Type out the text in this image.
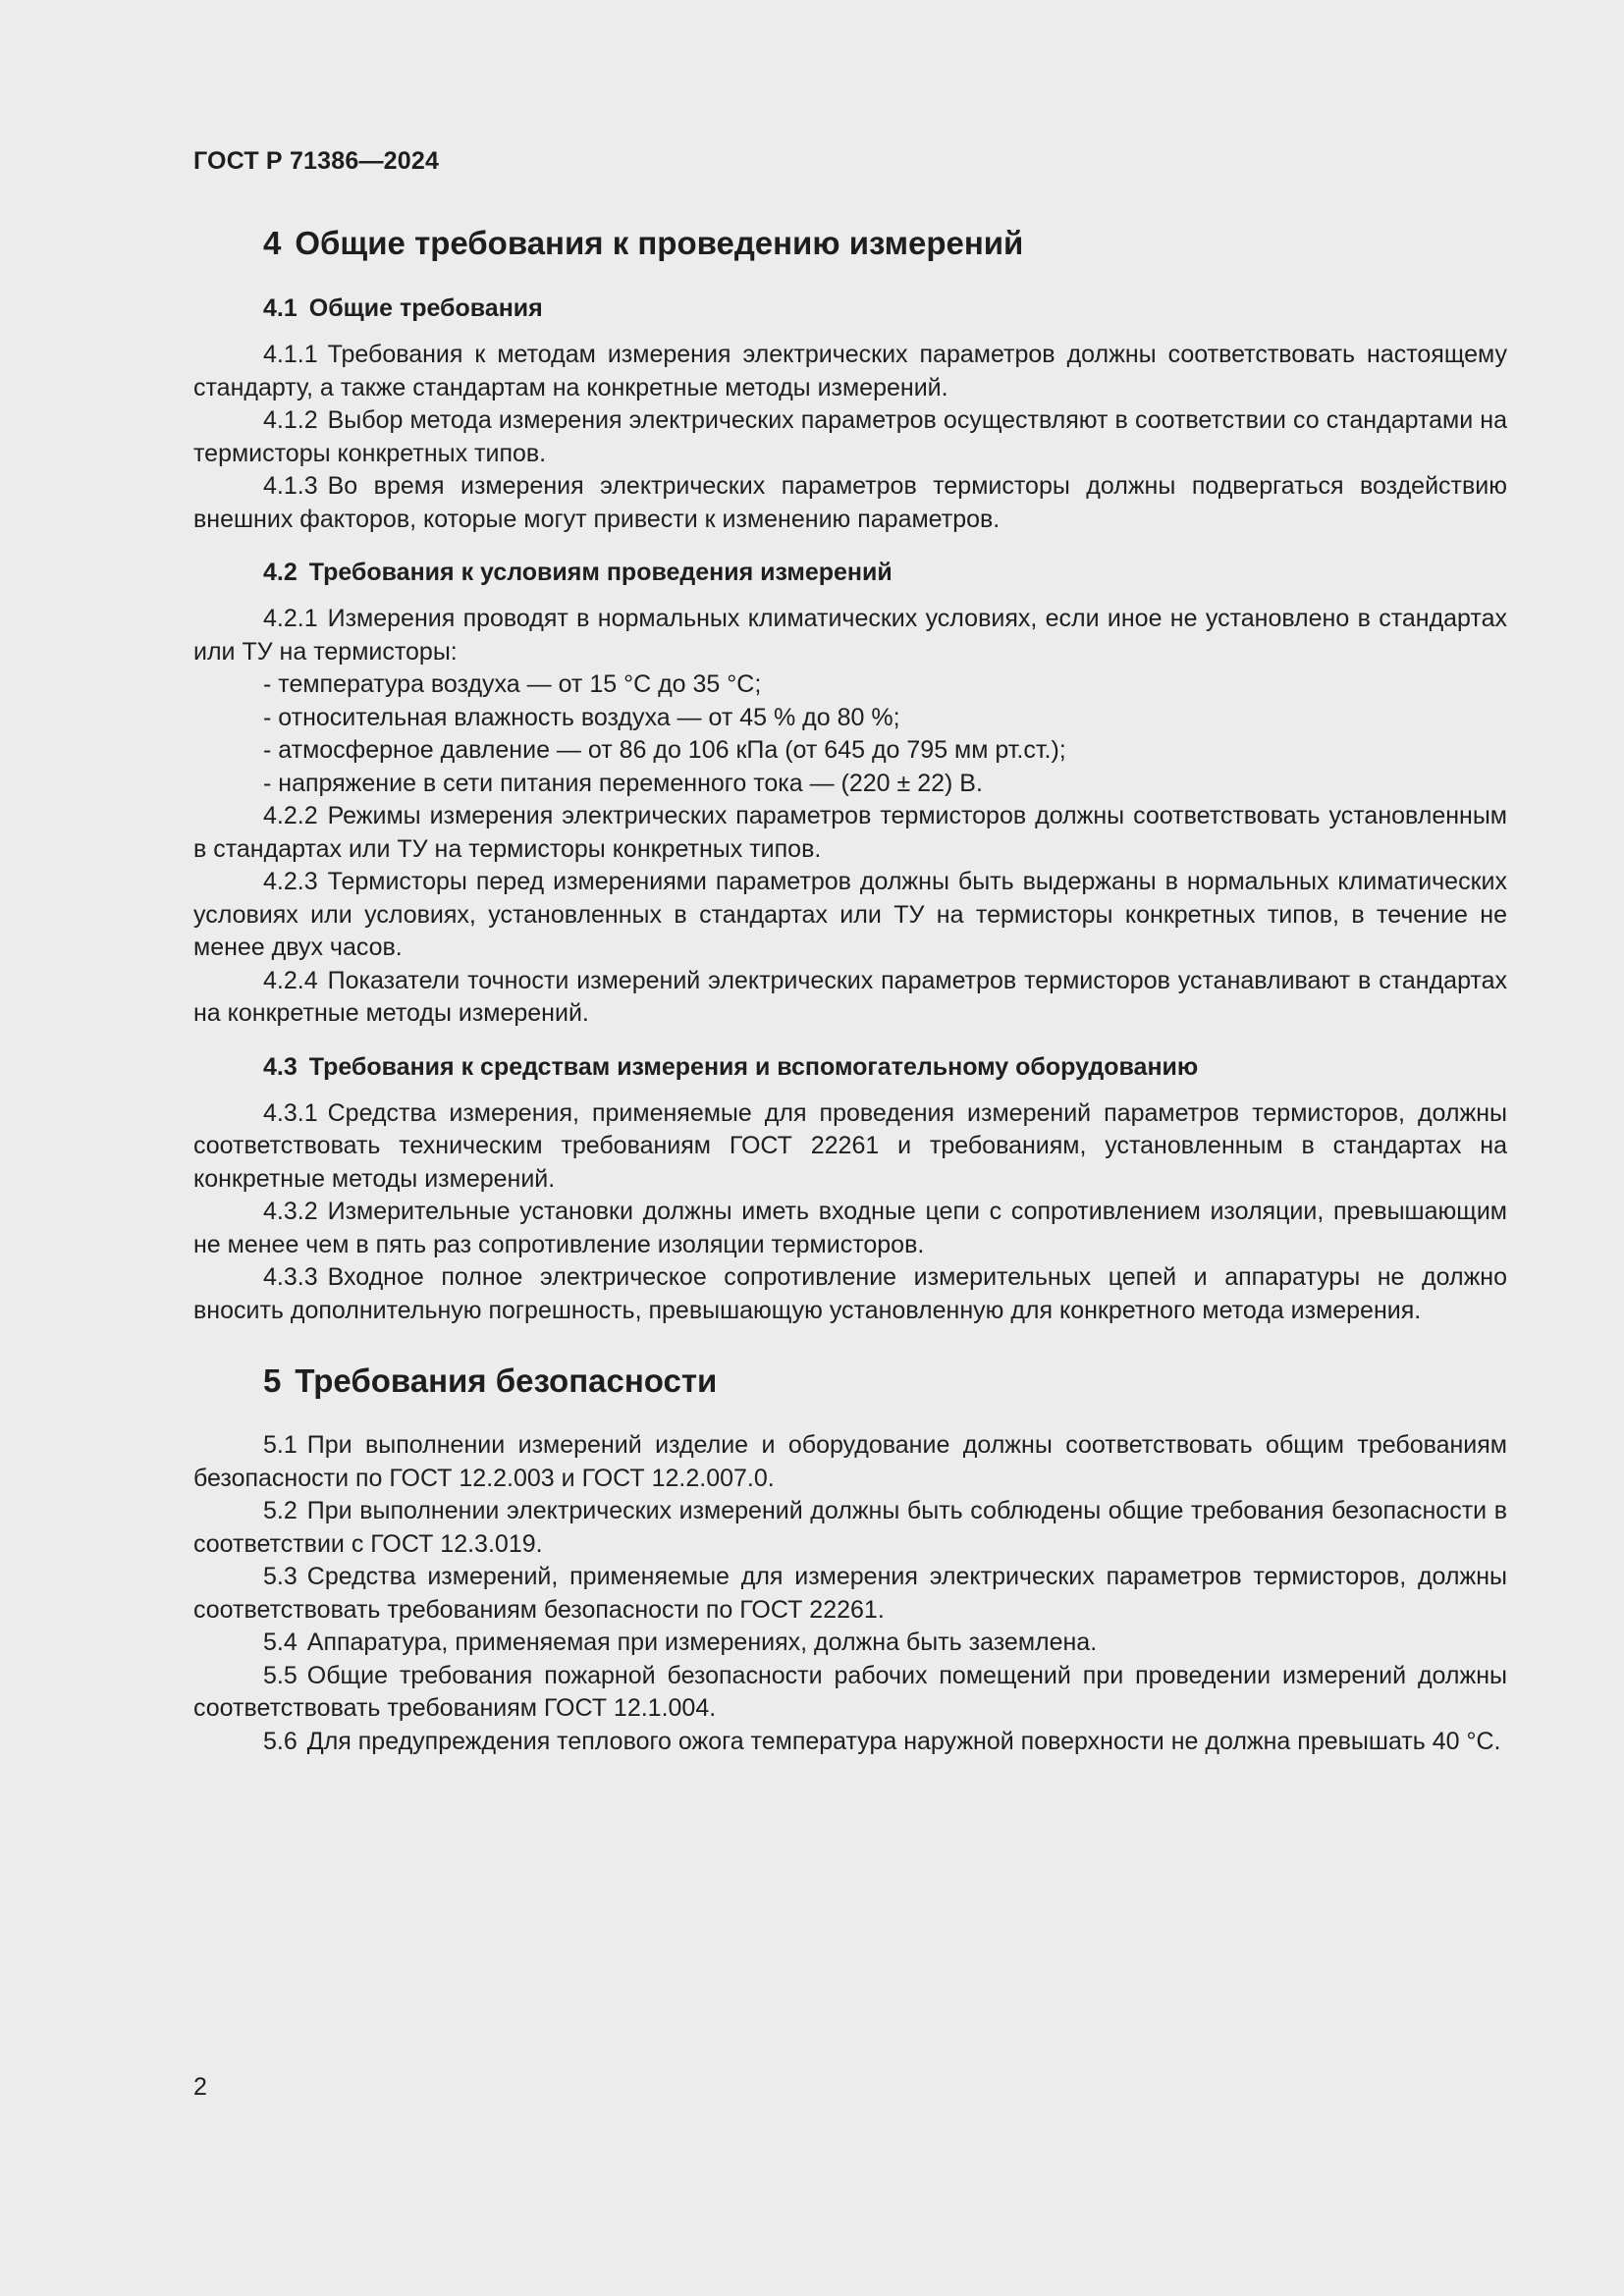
ГОСТ Р 71386—2024
4 Общие требования к проведению измерений
4.1 Общие требования

4.1.1 Требования к методам измерения электрических параметров должны соответствовать настоящему стандарту, а также стандартам на конкретные методы измерений.

4.1.2 Выбор метода измерения электрических параметров осуществляют в соответствии со стандартами на термисторы конкретных типов.

4.1.3 Во время измерения электрических параметров термисторы должны подвергаться воздействию внешних факторов, которые могут привести к изменению параметров.

4.2 Требования к условиям проведения измерений

4.2.1 Измерения проводят в нормальных климатических условиях, если иное не установлено в стандартах или ТУ на термисторы:

- температура воздуха — от 15 °С до 35 °С;

- относительная влажность воздуха — от 45 % до 80 %;

- атмосферное давление — от 86 до 106 кПа (от 645 до 795 мм рт.ст.);

- напряжение в сети питания переменного тока — (220 ± 22) В.

4.2.2 Режимы измерения электрических параметров термисторов должны соответствовать установленным в стандартах или ТУ на термисторы конкретных типов.

4.2.3 Термисторы перед измерениями параметров должны быть выдержаны в нормальных климатических условиях или условиях, установленных в стандартах или ТУ на термисторы конкретных типов, в течение не менее двух часов.

4.2.4 Показатели точности измерений электрических параметров термисторов устанавливают в стандартах на конкретные методы измерений.

4.3 Требования к средствам измерения и вспомогательному оборудованию

4.3.1 Средства измерения, применяемые для проведения измерений параметров термисторов, должны соответствовать техническим требованиям ГОСТ 22261 и требованиям, установленным в стандартах на конкретные методы измерений.

4.3.2 Измерительные установки должны иметь входные цепи с сопротивлением изоляции, превышающим не менее чем в пять раз сопротивление изоляции термисторов.

4.3.3 Входное полное электрическое сопротивление измерительных цепей и аппаратуры не должно вносить дополнительную погрешность, превышающую установленную для конкретного метода измерения.

5 Требования безопасности

5.1 При выполнении измерений изделие и оборудование должны соответствовать общим требованиям безопасности по ГОСТ 12.2.003 и ГОСТ 12.2.007.0.

5.2 При выполнении электрических измерений должны быть соблюдены общие требования безопасности в соответствии с ГОСТ 12.3.019.

5.3 Средства измерений, применяемые для измерения электрических параметров термисторов, должны соответствовать требованиям безопасности по ГОСТ 22261.

5.4 Аппаратура, применяемая при измерениях, должна быть заземлена.

5.5 Общие требования пожарной безопасности рабочих помещений при проведении измерений должны соответствовать требованиям ГОСТ 12.1.004.

5.6 Для предупреждения теплового ожога температура наружной поверхности не должна превышать 40 °С.

2
